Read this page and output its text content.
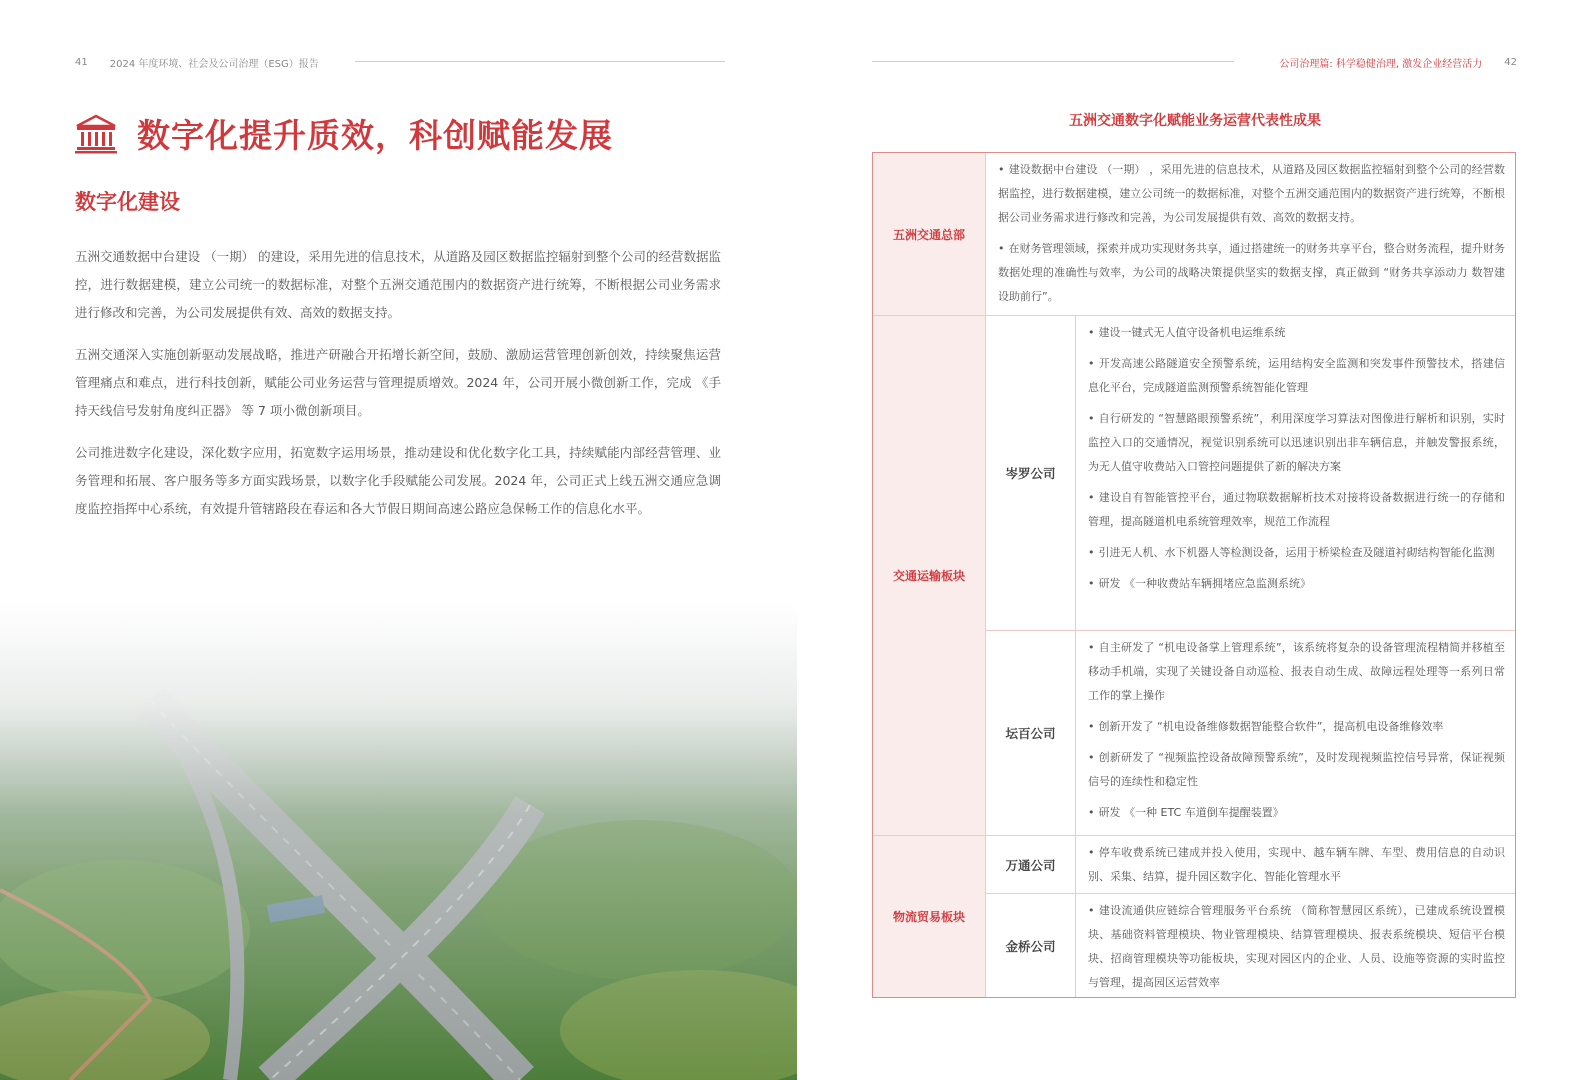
41 2024 年度环境、社会及公司治理（ESG）报告	公司治理篇: 科学稳健治理, 激发企业经营活力 42
数字化提升质效，科创赋能发展
数字化建设

五洲交通数据中台建设 （一期） 的建设，采用先进的信息技术，从道路及园区数据监控辐射到整个公司的经营数据监控，进行数据建模，建立公司统一的数据标准，对整个五洲交通范围内的数据资产进行统筹，不断根据公司业务需求进行修改和完善，为公司发展提供有效、高效的数据支持。

五洲交通深入实施创新驱动发展战略，推进产研融合开拓增长新空间，鼓励、激励运营管理创新创效，持续聚焦运营管理痛点和难点，进行科技创新，赋能公司业务运营与管理提质增效。2024 年，公司开展小微创新工作，完成 《手持天线信号发射角度纠正器》 等 7 项小微创新项目。

公司推进数字化建设，深化数字应用，拓宽数字运用场景，推动建设和优化数字化工具，持续赋能内部经营管理、业务管理和拓展、客户服务等多方面实践场景，以数字化手段赋能公司发展。2024 年，公司正式上线五洲交通应急调度监控指挥中心系统，有效提升管辖路段在春运和各大节假日期间高速公路应急保畅工作的信息化水平。

五洲交通数字化赋能业务运营代表性成果
五洲交通总部
• 建设数据中台建设 （一期） ，采用先进的信息技术，从道路及园区数据监控辐射到整个公司的经营数据监控，进行数据建模，建立公司统一的数据标准，对整个五洲交通范围内的数据资产进行统筹，不断根据公司业务需求进行修改和完善，为公司发展提供有效、高效的数据支持。
• 在财务管理领域，探索并成功实现财务共享，通过搭建统一的财务共享平台，整合财务流程，提升财务数据处理的准确性与效率，为公司的战略决策提供坚实的数据支撑，真正做到 “财务共享添动力 数智建设助前行”。
交通运输板块
岑罗公司
• 建设一键式无人值守设备机电运维系统
• 开发高速公路隧道安全预警系统，运用结构安全监测和突发事件预警技术，搭建信息化平台，完成隧道监测预警系统智能化管理
• 自行研发的 “智慧路眼预警系统”，利用深度学习算法对图像进行解析和识别，实时监控入口的交通情况，视觉识别系统可以迅速识别出非车辆信息，并触发警报系统，为无人值守收费站入口管控问题提供了新的解决方案
• 建设自有智能管控平台，通过物联数据解析技术对接将设备数据进行统一的存储和管理，提高隧道机电系统管理效率，规范工作流程
• 引进无人机、水下机器人等检测设备，运用于桥梁检查及隧道衬砌结构智能化监测
• 研发 《一种收费站车辆拥堵应急监测系统》
坛百公司
• 自主研发了 “机电设备掌上管理系统”，该系统将复杂的设备管理流程精简并移植至移动手机端，实现了关键设备自动巡检、报表自动生成、故障远程处理等一系列日常工作的掌上操作
• 创新开发了 “机电设备维修数据智能整合软件”，提高机电设备维修效率
• 创新研发了 “视频监控设备故障预警系统”，及时发现视频监控信号异常，保证视频信号的连续性和稳定性
• 研发 《一种 ETC 车道倒车提醒装置》
物流贸易板块
万通公司
• 停车收费系统已建成并投入使用，实现中、越车辆车牌、车型、费用信息的自动识别、采集、结算，提升园区数字化、智能化管理水平
金桥公司
• 建设流通供应链综合管理服务平台系统 （简称智慧园区系统），已建成系统设置模块、基础资料管理模块、物业管理模块、结算管理模块、报表系统模块、短信平台模块、招商管理模块等功能板块，实现对园区内的企业、人员、设施等资源的实时监控与管理，提高园区运营效率
